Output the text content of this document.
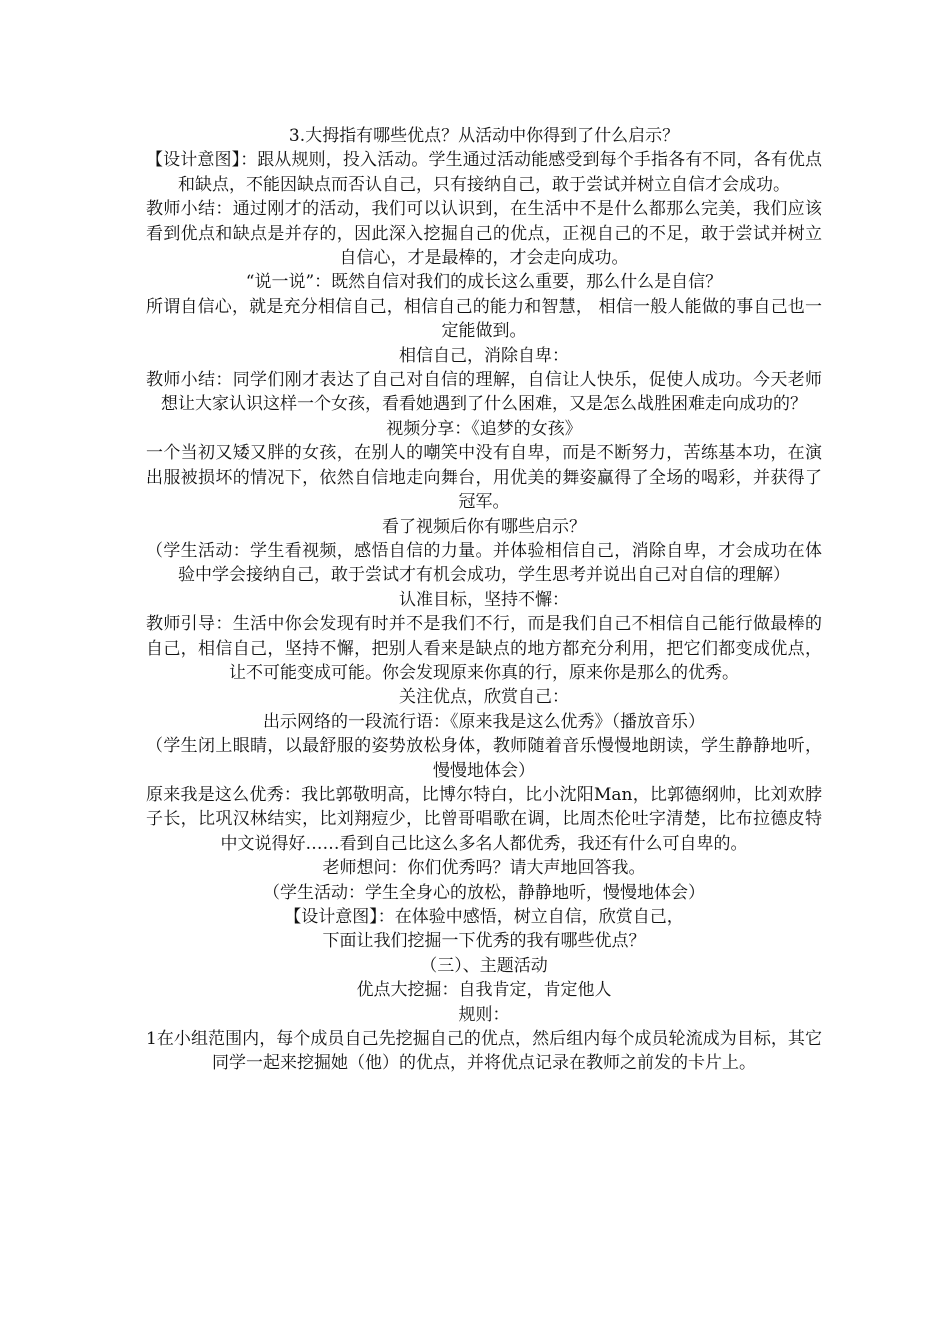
3.大拇指有哪些优点？从活动中你得到了什么启示？

【设计意图】：跟从规则，投入活动。学生通过活动能感受到每个手指各有不同，各有优点和缺点，不能因缺点而否认自己，只有接纳自己，敢于尝试并树立自信才会成功。

教师小结：通过刚才的活动，我们可以认识到，在生活中不是什么都那么完美，我们应该看到优点和缺点是并存的，因此深入挖掘自己的优点，正视自己的不足，敢于尝试并树立自信心，才是最棒的，才会走向成功。

“说一说”：既然自信对我们的成长这么重要，那么什么是自信？

所谓自信心，就是充分相信自己，相信自己的能力和智慧， 相信一般人能做的事自己也一定能做到。

相信自己，消除自卑：

教师小结：同学们刚才表达了自己对自信的理解，自信让人快乐，促使人成功。今天老师想让大家认识这样一个女孩，看看她遇到了什么困难，又是怎么战胜困难走向成功的？

视频分享：《追梦的女孩》

一个当初又矮又胖的女孩，在别人的嘲笑中没有自卑，而是不断努力，苦练基本功，在演出服被损坏的情况下，依然自信地走向舞台，用优美的舞姿赢得了全场的喝彩，并获得了冠军。

看了视频后你有哪些启示？

（学生活动：学生看视频，感悟自信的力量。并体验相信自己，消除自卑，才会成功在体验中学会接纳自己，敢于尝试才有机会成功，学生思考并说出自己对自信的理解）

认准目标，坚持不懈：

教师引导：生活中你会发现有时并不是我们不行，而是我们自己不相信自己能行做最棒的自己，相信自己，坚持不懈，把别人看来是缺点的地方都充分利用，把它们都变成优点，让不可能变成可能。你会发现原来你真的行，原来你是那么的优秀。

关注优点，欣赏自己：

出示网络的一段流行语：《原来我是这么优秀》（播放音乐）

（学生闭上眼睛，以最舒服的姿势放松身体，教师随着音乐慢慢地朗读，学生静静地听，慢慢地体会）

原来我是这么优秀：我比郭敬明高，比博尔特白，比小沈阳Man，比郭德纲帅，比刘欢脖子长，比巩汉林结实，比刘翔痘少，比曾哥唱歌在调，比周杰伦吐字清楚，比布拉德皮特中文说得好……看到自己比这么多名人都优秀，我还有什么可自卑的。

老师想问：你们优秀吗？请大声地回答我。

（学生活动：学生全身心的放松，静静地听，慢慢地体会）

【设计意图】：在体验中感悟，树立自信，欣赏自己，

下面让我们挖掘一下优秀的我有哪些优点？

（三）、主题活动

优点大挖掘：自我肯定，肯定他人

规则：

1在小组范围内，每个成员自己先挖掘自己的优点，然后组内每个成员轮流成为目标，其它同学一起来挖掘她（他）的优点，并将优点记录在教师之前发的卡片上。
